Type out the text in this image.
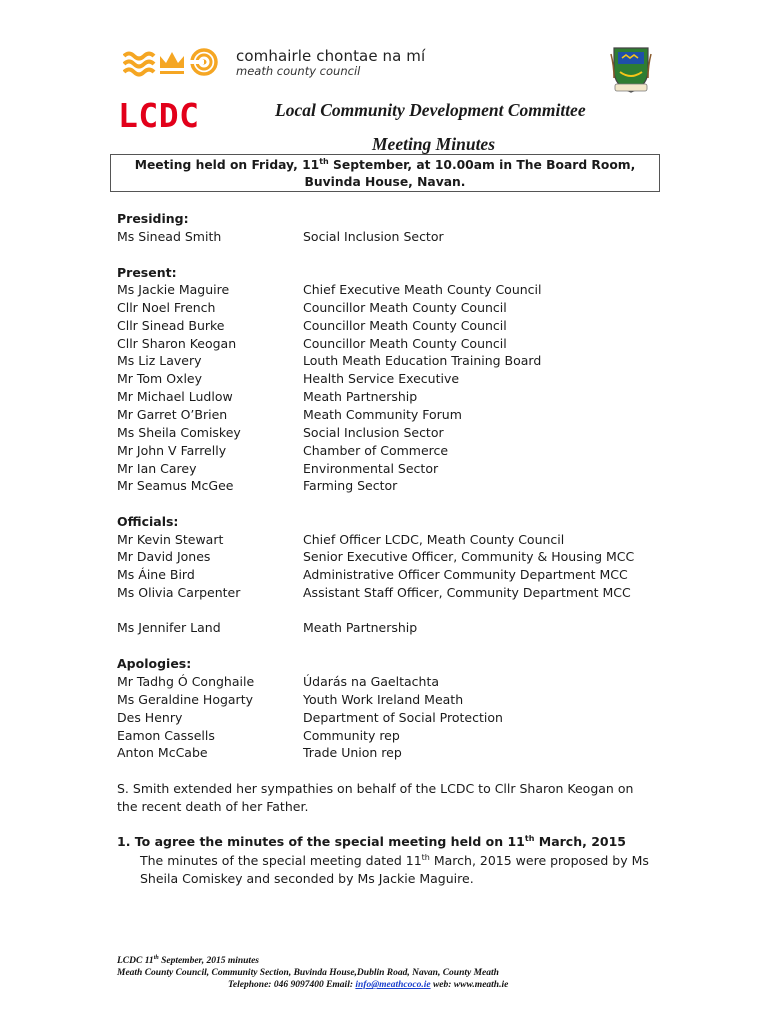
comhairle chontae na mí
meath county council
LCDC	Local Community Development Committee
Meeting Minutes
Meeting held on Friday, 11th September, at 10.00am in The Board Room,
Buvinda House, Navan.
Presiding:
Ms Sinead Smith	Social Inclusion Sector
Present:
Ms Jackie Maguire	Chief Executive Meath County Council
Cllr Noel French	Councillor Meath County Council
Cllr Sinead Burke	Councillor Meath County Council
Cllr Sharon Keogan	Councillor Meath County Council
Ms Liz Lavery	Louth Meath Education Training Board
Mr Tom Oxley	Health Service Executive
Mr Michael Ludlow	Meath Partnership
Mr Garret O’Brien	Meath Community Forum
Ms Sheila Comiskey	Social Inclusion Sector
Mr John V Farrelly	Chamber of Commerce
Mr Ian Carey	Environmental Sector
Mr Seamus McGee	Farming Sector
Officials:
Mr Kevin Stewart	Chief Officer LCDC, Meath County Council
Mr David Jones	Senior Executive Officer, Community & Housing MCC
Ms Áine Bird	Administrative Officer Community Department MCC
Ms Olivia Carpenter	Assistant Staff Officer, Community Department MCC
Ms Jennifer Land	Meath Partnership
Apologies:
Mr Tadhg Ó Conghaile	Údarás na Gaeltachta
Ms Geraldine Hogarty	Youth Work Ireland Meath
Des Henry	Department of Social Protection
Eamon Cassells	Community rep
Anton McCabe	Trade Union rep
S. Smith extended her sympathies on behalf of the LCDC to Cllr Sharon Keogan on the recent death of her Father.
1. To agree the minutes of the special meeting held on 11th March, 2015
The minutes of the special meeting dated 11th March, 2015 were proposed by Ms Sheila Comiskey and seconded by Ms Jackie Maguire.
LCDC 11th September, 2015 minutes
Meath County Council, Community Section, Buvinda House,Dublin Road, Navan, County Meath
Telephone: 046 9097400 Email: info@meathcoco.ie web: www.meath.ie
